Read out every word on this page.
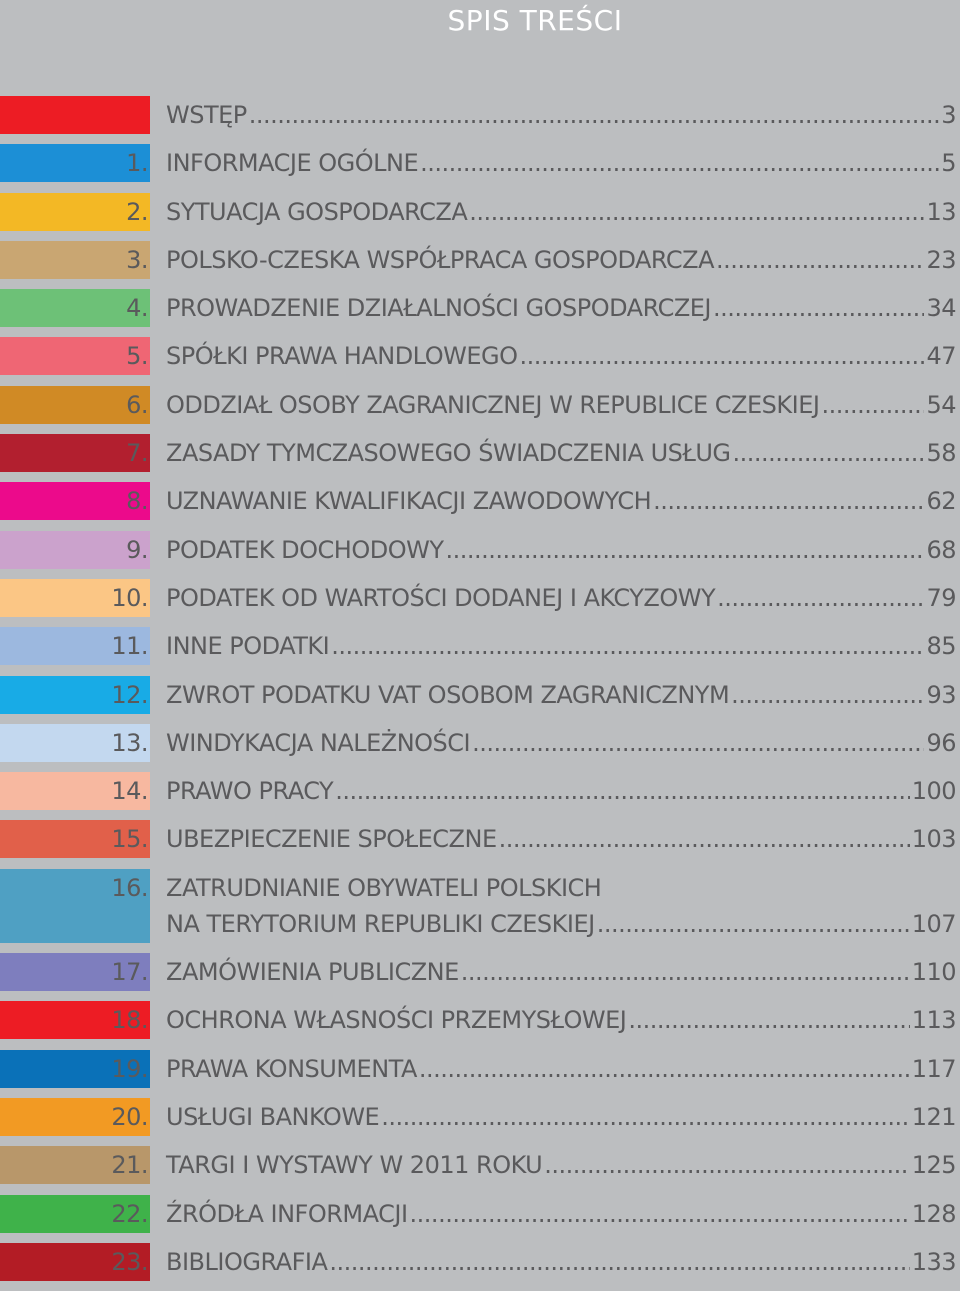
SPIS TREŚCI
WSTĘP .....	3
1. INFORMACJE OGÓLNE .....	5
2. SYTUACJA GOSPODARCZA .....	13
3. POLSKO-CZESKA WSPÓŁPRACA GOSPODARCZA .....	23
4. PROWADZENIE DZIAŁALNOŚCI GOSPODARCZEJ .....	34
5. SPÓŁKI PRAWA HANDLOWEGO .....	47
6. ODDZIAŁ OSOBY ZAGRANICZNEJ W REPUBLICE CZESKIEJ .....	54
7. ZASADY TYMCZASOWEGO ŚWIADCZENIA USŁUG .....	58
8. UZNAWANIE KWALIFIKACJI ZAWODOWYCH .....	62
9. PODATEK DOCHODOWY .....	68
10. PODATEK OD WARTOŚCI DODANEJ I AKCYZOWY .....	79
11. INNE PODATKI .....	85
12. ZWROT PODATKU VAT OSOBOM ZAGRANICZNYM .....	93
13. WINDYKACJA NALEŻNOŚCI .....	96
14. PRAWO PRACY .....	100
15. UBEZPIECZENIE SPOŁECZNE .....	103
16. ZATRUDNIANIE OBYWATELI POLSKICH
NA TERYTORIUM REPUBLIKI CZESKIEJ .....	107
17. ZAMÓWIENIA PUBLICZNE .....	110
18. OCHRONA WŁASNOŚCI PRZEMYSŁOWEJ .....	113
19. PRAWA KONSUMENTA .....	117
20. USŁUGI BANKOWE .....	121
21. TARGI I WYSTAWY W 2011 ROKU .....	125
22. ŹRÓDŁA INFORMACJI .....	128
23. BIBLIOGRAFIA .....	133
